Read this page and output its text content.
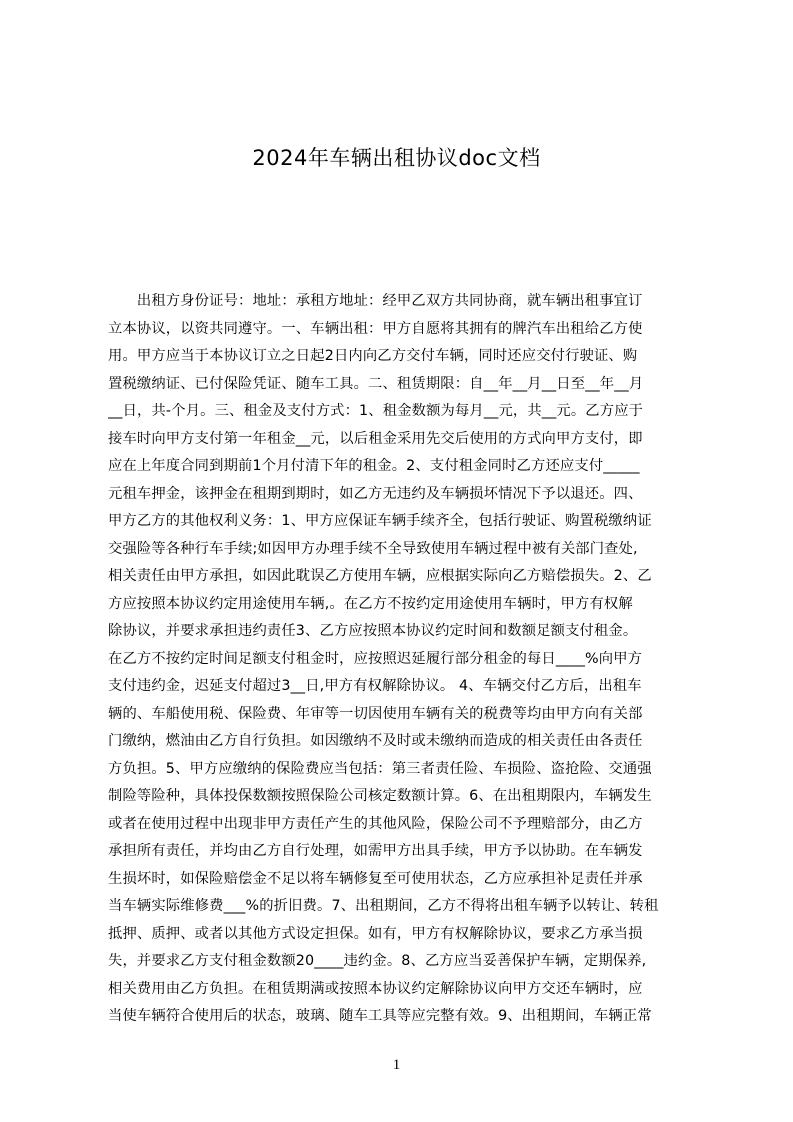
2024年车辆出租协议doc文档
　　出租方身份证号：地址：承租方地址：经甲乙双方共同协商，就车辆出租事宜订
立本协议，以资共同遵守。一、车辆出租：甲方自愿将其拥有的牌汽车出租给乙方使
用。甲方应当于本协议订立之日起2日内向乙方交付车辆，同时还应交付行驶证、购
置税缴纳证、已付保险凭证、随车工具。二、租赁期限：自__年__月__日至__年__月
__日，共-个月。三、租金及支付方式：1、租金数额为每月__元，共__元。乙方应于
接车时向甲方支付第一年租金__元，以后租金采用先交后使用的方式向甲方支付，即
应在上年度合同到期前1个月付清下年的租金。2、支付租金同时乙方还应支付_____
元租车押金，该押金在租期到期时，如乙方无违约及车辆损坏情况下予以退还。四、
甲方乙方的其他权利义务：1、甲方应保证车辆手续齐全，包括行驶证、购置税缴纳证
交强险等各种行车手续;如因甲方办理手续不全导致使用车辆过程中被有关部门查处,
相关责任由甲方承担，如因此耽误乙方使用车辆，应根据实际向乙方赔偿损失。2、乙
方应按照本协议约定用途使用车辆,。在乙方不按约定用途使用车辆时，甲方有权解
除协议，并要求承担违约责任3、乙方应按照本协议约定时间和数额足额支付租金。
在乙方不按约定时间足额支付租金时，应按照迟延履行部分租金的每日____%向甲方
支付违约金，迟延支付超过3__日,甲方有权解除协议。 4、车辆交付乙方后，出租车
辆的、车船使用税、保险费、年审等一切因使用车辆有关的税费等均由甲方向有关部
门缴纳，燃油由乙方自行负担。如因缴纳不及时或未缴纳而造成的相关责任由各责任
方负担。5、甲方应缴纳的保险费应当包括：第三者责任险、车损险、盗抢险、交通强
制险等险种，具体投保数额按照保险公司核定数额计算。6、在出租期限内，车辆发生
或者在使用过程中出现非甲方责任产生的其他风险，保险公司不予理赔部分，由乙方
承担所有责任，并均由乙方自行处理，如需甲方出具手续，甲方予以协助。在车辆发
生损坏时，如保险赔偿金不足以将车辆修复至可使用状态，乙方应承担补足责任并承
当车辆实际维修费___%的折旧费。7、出租期间，乙方不得将出租车辆予以转让、转租
抵押、质押、或者以其他方式设定担保。如有，甲方有权解除协议，要求乙方承当损
失，并要求乙方支付租金数额20____违约金。8、乙方应当妥善保护车辆，定期保养,
相关费用由乙方负担。在租赁期满或按照本协议约定解除协议向甲方交还车辆时，应
当使车辆符合使用后的状态，玻璃、随车工具等应完整有效。9、出租期间，车辆正常
1
